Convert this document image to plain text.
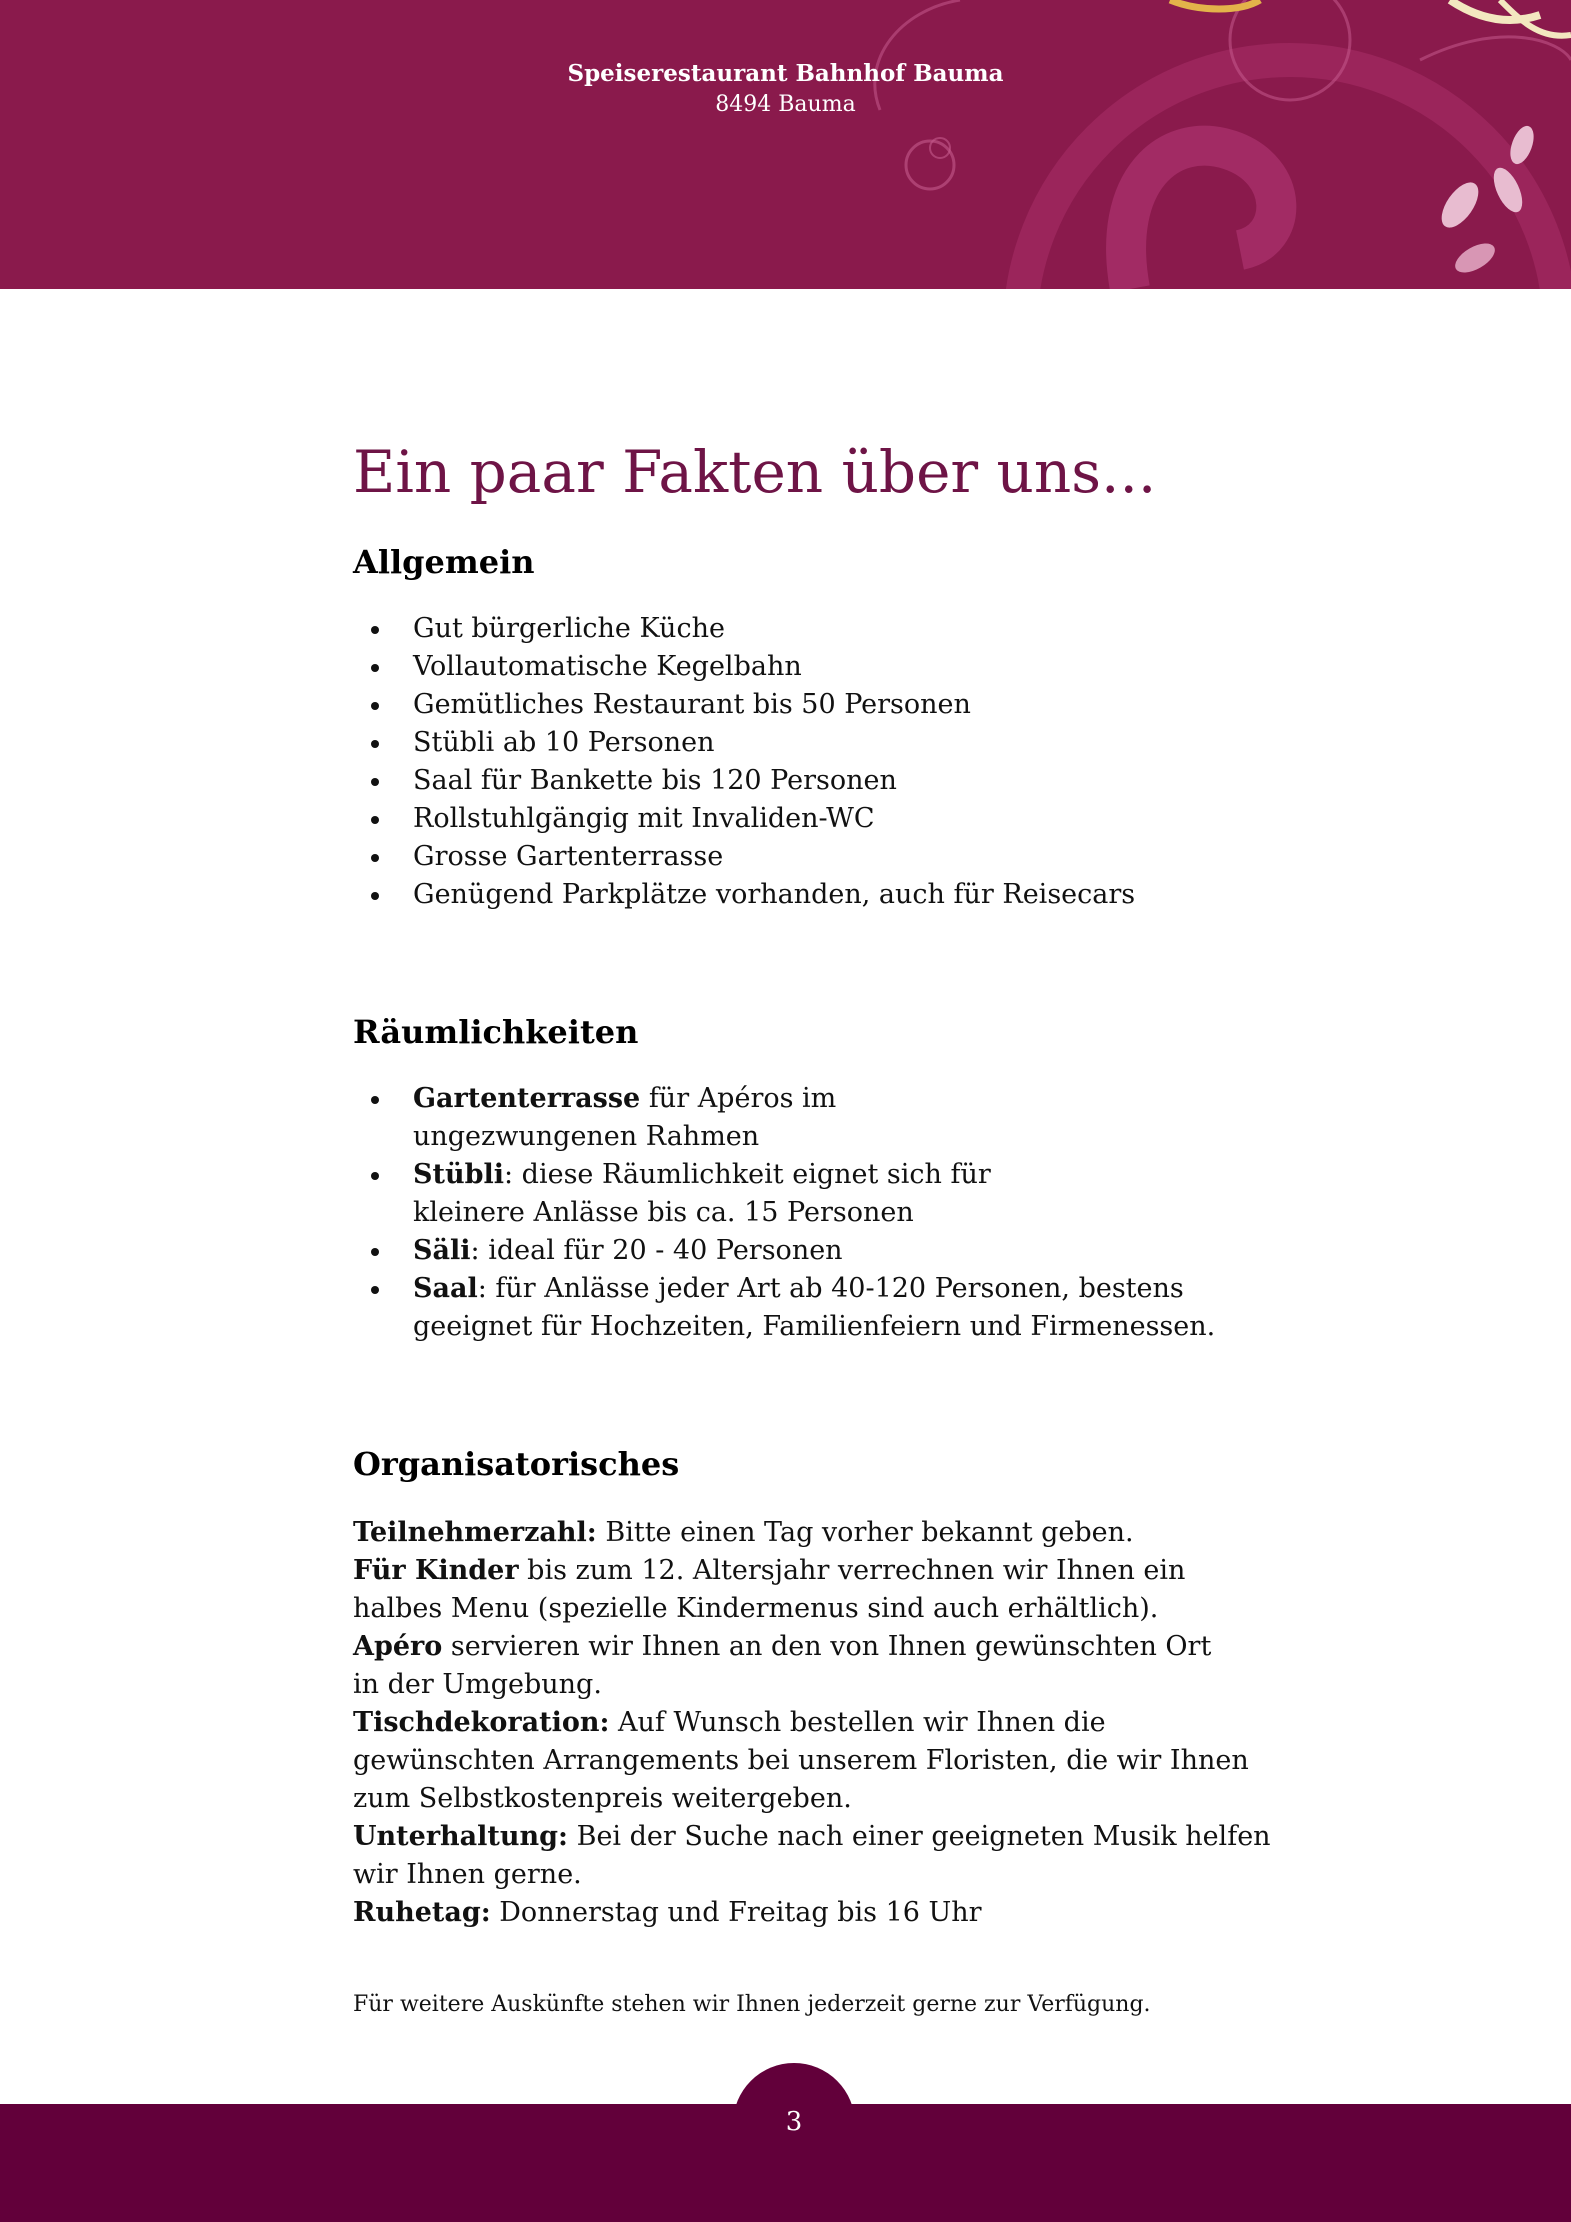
Speiserestaurant Bahnhof Bauma
8494 Bauma
Ein paar Fakten über uns...
Allgemein
Gut bürgerliche Küche
Vollautomatische Kegelbahn
Gemütliches Restaurant bis 50 Personen
Stübli ab 10 Personen
Saal für Bankette bis 120 Personen
Rollstuhlgängig mit Invaliden-WC
Grosse Gartenterrasse
Genügend Parkplätze vorhanden, auch für Reisecars
Räumlichkeiten
Gartenterrasse für Apéros im ungezwungenen Rahmen
Stübli: diese Räumlichkeit eignet sich für kleinere Anlässe bis ca. 15 Personen
Säli: ideal für 20 - 40 Personen
Saal: für Anlässe jeder Art ab 40-120 Personen, bestens geeignet für Hochzeiten, Familienfeiern und Firmenessen.
Organisatorisches

Teilnehmerzahl: Bitte einen Tag vorher bekannt geben.

Für Kinder bis zum 12. Altersjahr verrechnen wir Ihnen ein halbes Menu (spezielle Kindermenus sind auch erhältlich).

Apéro servieren wir Ihnen an den von Ihnen gewünschten Ort in der Umgebung.

Tischdekoration: Auf Wunsch bestellen wir Ihnen die gewünschten Arrangements bei unserem Floristen, die wir Ihnen zum Selbstkostenpreis weitergeben.

Unterhaltung: Bei der Suche nach einer geeigneten Musik helfen wir Ihnen gerne.

Ruhetag: Donnerstag und Freitag bis 16 Uhr

Für weitere Auskünfte stehen wir Ihnen jederzeit gerne zur Verfügung.
3
